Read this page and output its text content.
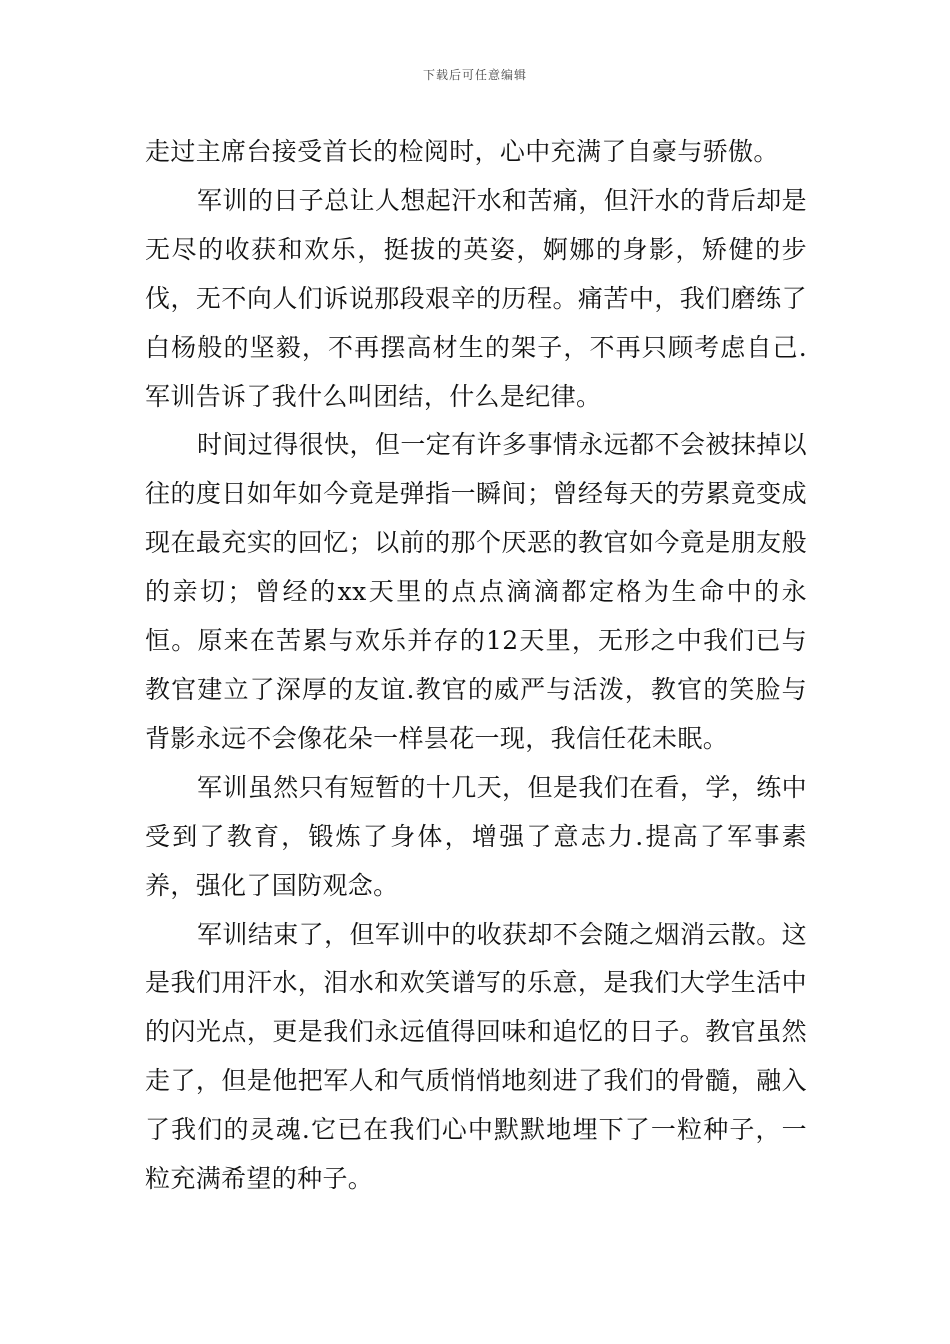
下载后可任意编辑

走过主席台接受首长的检阅时，心中充满了自豪与骄傲。

军训的日子总让人想起汗水和苦痛，但汗水的背后却是无尽的收获和欢乐，挺拔的英姿，婀娜的身影，矫健的步伐，无不向人们诉说那段艰辛的历程。痛苦中，我们磨练了白杨般的坚毅，不再摆高材生的架子，不再只顾考虑自己.军训告诉了我什么叫团结，什么是纪律。

时间过得很快，但一定有许多事情永远都不会被抹掉以往的度日如年如今竟是弹指一瞬间；曾经每天的劳累竟变成现在最充实的回忆；以前的那个厌恶的教官如今竟是朋友般的亲切；曾经的xx天里的点点滴滴都定格为生命中的永恒。原来在苦累与欢乐并存的12天里，无形之中我们已与教官建立了深厚的友谊.教官的威严与活泼，教官的笑脸与背影永远不会像花朵一样昙花一现，我信任花未眠。

军训虽然只有短暂的十几天，但是我们在看，学，练中受到了教育，锻炼了身体，增强了意志力.提高了军事素养，强化了国防观念。

军训结束了，但军训中的收获却不会随之烟消云散。这是我们用汗水，泪水和欢笑谱写的乐意，是我们大学生活中的闪光点，更是我们永远值得回味和追忆的日子。教官虽然走了，但是他把军人和气质悄悄地刻进了我们的骨髓，融入了我们的灵魂.它已在我们心中默默地埋下了一粒种子，一粒充满希望的种子。
